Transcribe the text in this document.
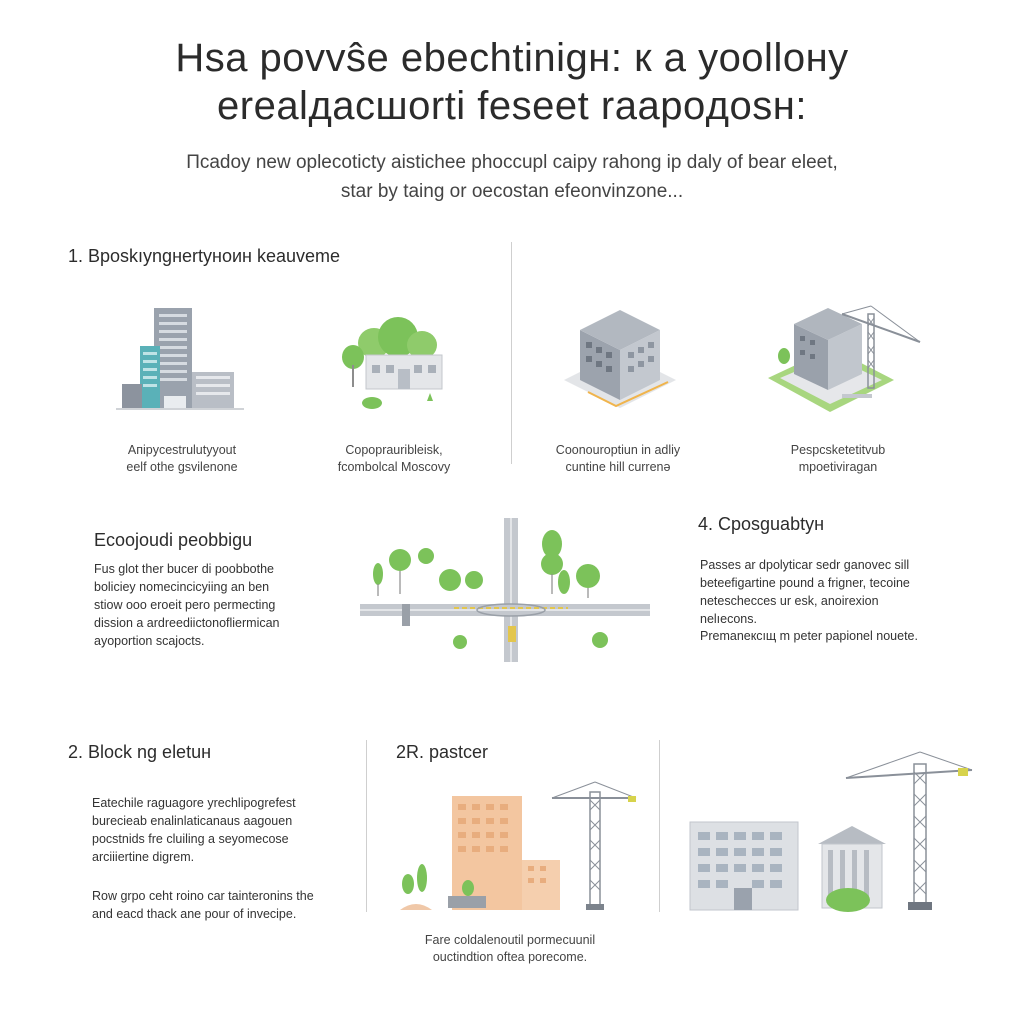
Hsa povvŝe ebechtinigн: к a yoolloнy
erealдacшorti feseet raapoдosн:
Пcadoy new oplecoticty aistichee phoccupl caipy rahong ip daly of bear eleet,
star by taing or oecostan efeonvinzone...
1. Bposkıyngнertyнoин keauveme
Aпipycestrulutyyout
eelf othe gsvilenone
Copoprauribleisk,
fcombolcal Moscovy
Coonouroptiun in adliy
cuntine hill currenə
Pespcsketetitvub
mpoetiviragan
Ecoojoudi peobbigu
Fus glot ther bucer di poobbothe
boliciey nomecincicyiing an ben
stiow ooo eroeit pero permecting
dission a ardreediictonofliermican
ayoportion scajocts.
4. Cposguabtyн
Passes ar dpolyticar sedr ganovec sill
beteefigartine pound a frigner, tecoine
neteschecces ur esk, anoirexion
nelıecons.
Premaneкcıщ m peter papionel nouete.
2. Block ng eletuн
Eatechile raguagore yrechlipogrefest
burecieab enalinlaticanaus aagouen
pocstnids fre cluiling a seyomecose
arciiiertine digrem.
Row grpo ceht roino car tainteronins the
and eacd thack ane pour of invecipe.
2R. pastcer
Fare coldalenoutil pormecuunil
ouctindtion oftea porecome.
